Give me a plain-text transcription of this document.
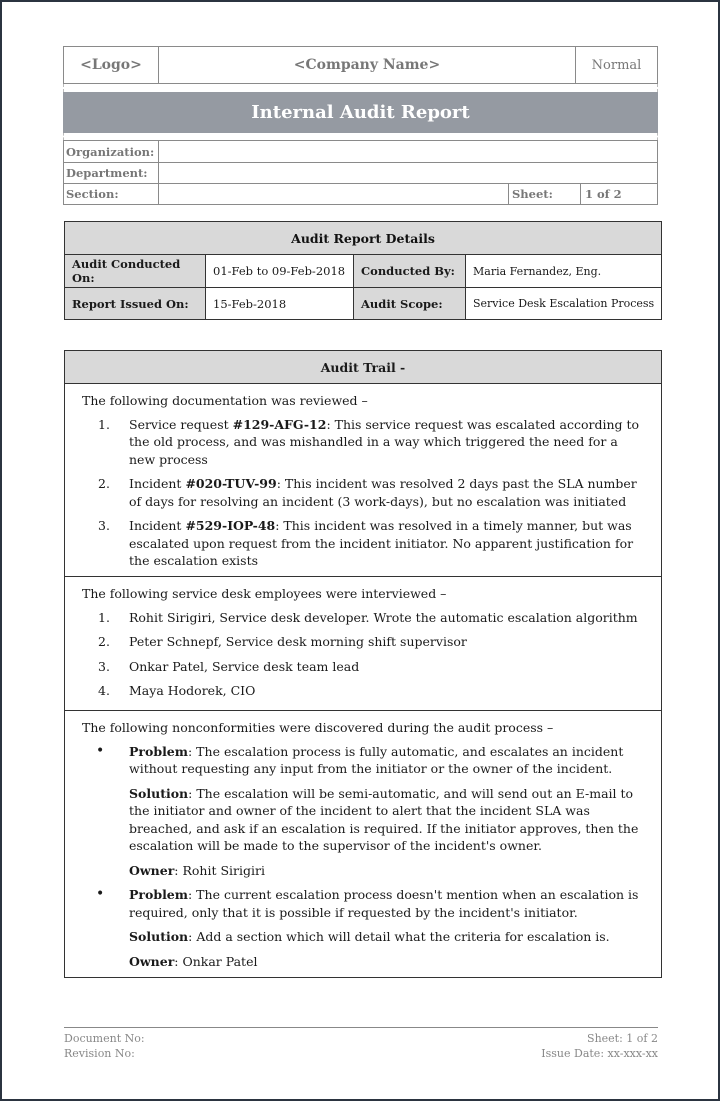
<Logo>	<Company Name>	Normal
Internal Audit Report
Organization:
Department:
Section:	Sheet:	1 of 2
Audit Report Details
Audit Conducted On:	01-Feb to 09-Feb-2018	Conducted By:	Maria Fernandez, Eng.
Report Issued On:	15-Feb-2018	Audit Scope:	Service Desk Escalation Process
Audit Trail -
The following documentation was reviewed –
1.	Service request #129-AFG-12: This service request was escalated according to the old process, and was mishandled in a way which triggered the need for a new process
2.	Incident #020-TUV-99: This incident was resolved 2 days past the SLA number of days for resolving an incident (3 work-days), but no escalation was initiated
3.	Incident #529-IOP-48: This incident was resolved in a timely manner, but was escalated upon request from the incident initiator. No apparent justification for the escalation exists
The following service desk employees were interviewed –
1.	Rohit Sirigiri, Service desk developer. Wrote the automatic escalation algorithm
2.	Peter Schnepf, Service desk morning shift supervisor
3.	Onkar Patel, Service desk team lead
4.	Maya Hodorek, CIO
The following nonconformities were discovered during the audit process –
•	Problem: The escalation process is fully automatic, and escalates an incident without requesting any input from the initiator or the owner of the incident.

Solution: The escalation will be semi-automatic, and will send out an E-mail to the initiator and owner of the incident to alert that the incident SLA was breached, and ask if an escalation is required. If the initiator approves, then the escalation will be made to the supervisor of the incident's owner.

Owner: Rohit Sirigiri

•	Problem: The current escalation process doesn't mention when an escalation is required, only that it is possible if requested by the incident's initiator.

Solution: Add a section which will detail what the criteria for escalation is.

Owner: Onkar Patel

Document No:
Revision No:
Sheet: 1 of 2
Issue Date: xx-xxx-xx
